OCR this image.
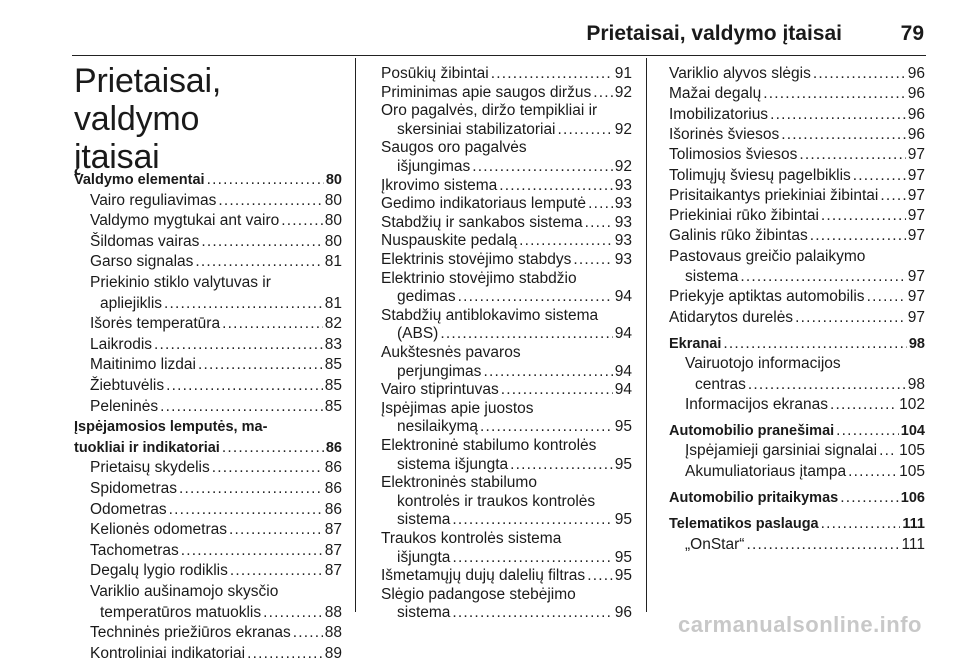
Prietaisai, valdymo įtaisai	79
Prietaisai, valdymo
įtaisai
Valdymo elementai .....	80
Vairo reguliavimas .....	80
Valdymo mygtukai ant vairo .....	80
Šildomas vairas .....	80
Garso signalas .....	81
Priekinio stiklo valytuvas ir
apliejiklis .....	81
Išorės temperatūra .....	82
Laikrodis .....	83
Maitinimo lizdai .....	85
Žiebtuvėlis .....	85
Peleninės .....	85
Įspėjamosios lemputės, ma-
tuokliai ir indikatoriai .....	86
Prietaisų skydelis .....	86
Spidometras .....	86
Odometras .....	86
Kelionės odometras .....	87
Tachometras .....	87
Degalų lygio rodiklis .....	87
Variklio aušinamojo skysčio
temperatūros matuoklis .....	88
Techninės priežiūros ekranas ..... 88
Kontroliniai indikatoriai .....	89
Posūkių žibintai .....	91
Priminimas apie saugos diržus ..... 92
Oro pagalvės, diržo tempikliai ir
skersiniai stabilizatoriai .....	92
Saugos oro pagalvės
išjungimas .....	92
Įkrovimo sistema .....	93
Gedimo indikatoriaus lemputė ..... 93
Stabdžių ir sankabos sistema ..... 93
Nuspauskite pedalą .....	93
Elektrinis stovėjimo stabdys .....	93
Elektrinio stovėjimo stabdžio
gedimas .....	94
Stabdžių antiblokavimo sistema
(ABS) .....	94
Aukštesnės pavaros
perjungimas .....	94
Vairo stiprintuvas .....	94
Įspėjimas apie juostos
nesilaikymą .....	95
Elektroninė stabilumo kontrolės
sistema išjungta .....	95
Elektroninės stabilumo
kontrolės ir traukos kontrolės
sistema .....	95
Traukos kontrolės sistema
išjungta .....	95
Išmetamųjų dujų dalelių filtras ..... 95
Slėgio padangose stebėjimo
sistema .....	96
Variklio alyvos slėgis .....	96
Mažai degalų .....	96
Imobilizatorius .....	96
Išorinės šviesos .....	96
Tolimosios šviesos .....	97
Tolimųjų šviesų pagelbiklis .....	97
Prisitaikantys priekiniai žibintai ..... 97
Priekiniai rūko žibintai .....	97
Galinis rūko žibintas .....	97
Pastovaus greičio palaikymo
sistema .....	97
Priekyje aptiktas automobilis .....	97
Atidarytos durelės .....	97
Ekranai .....	98
Vairuotojo informacijos
centras .....	98
Informacijos ekranas .....	102
Automobilio pranešimai .....	104
Įspėjamieji garsiniai signalai ..... 105
Akumuliatoriaus įtampa .....	105
Automobilio pritaikymas .....	106
Telematikos paslauga .....	111
„OnStar“ .....	111
carmanualsonline.info
